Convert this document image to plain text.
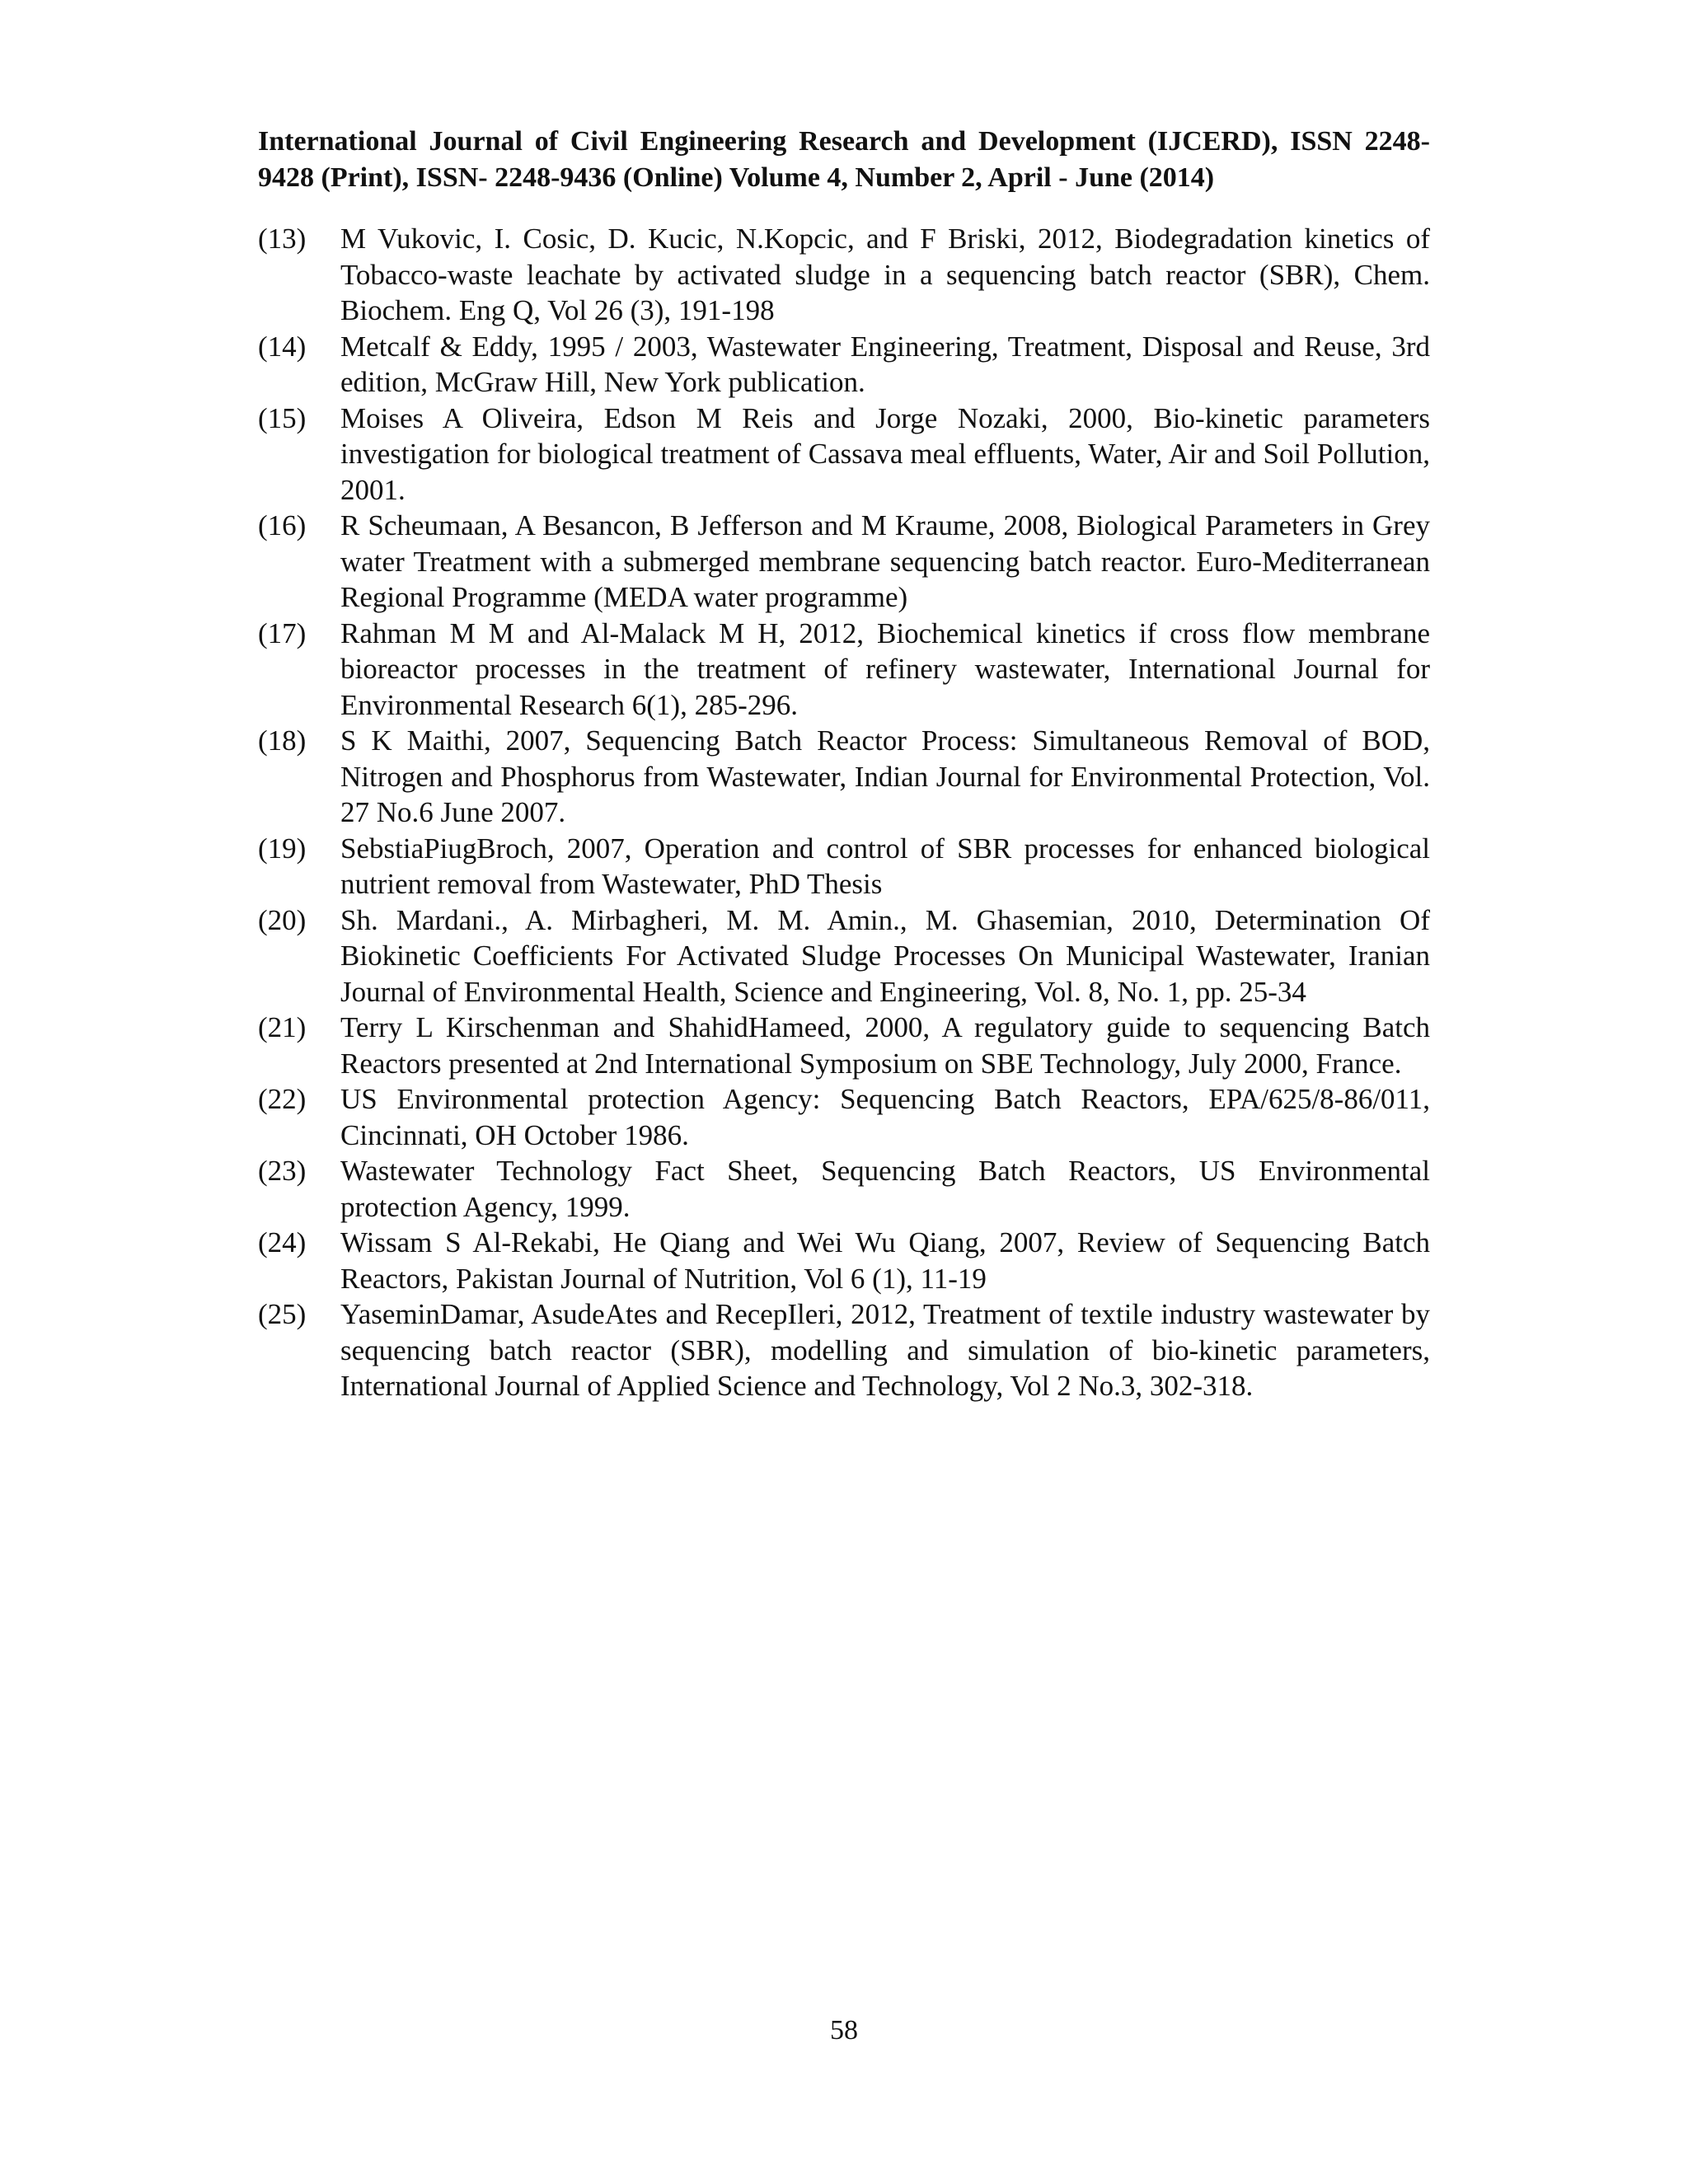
International Journal of Civil Engineering Research and Development (IJCERD), ISSN 2248-9428 (Print), ISSN- 2248-9436 (Online) Volume 4, Number 2, April - June (2014)
(13)	M Vukovic, I. Cosic, D. Kucic, N.Kopcic, and F Briski, 2012, Biodegradation kinetics of Tobacco-waste leachate by activated sludge in a sequencing batch reactor (SBR), Chem. Biochem. Eng Q, Vol 26 (3), 191-198
(14)	Metcalf & Eddy, 1995 / 2003, Wastewater Engineering, Treatment, Disposal and Reuse, 3rd edition, McGraw Hill, New York publication.
(15)	Moises A Oliveira, Edson M Reis and Jorge Nozaki, 2000, Bio-kinetic parameters investigation for biological treatment of Cassava meal effluents, Water, Air and Soil Pollution, 2001.
(16)	R Scheumaan, A Besancon, B Jefferson and M Kraume, 2008, Biological Parameters in Grey water Treatment with a submerged membrane sequencing batch reactor. Euro-Mediterranean Regional Programme (MEDA water programme)
(17)	Rahman M M and Al-Malack M H, 2012, Biochemical kinetics if cross flow membrane bioreactor processes in the treatment of refinery wastewater, International Journal for Environmental Research 6(1), 285-296.
(18)	S K Maithi, 2007, Sequencing Batch Reactor Process: Simultaneous Removal of BOD, Nitrogen and Phosphorus from Wastewater, Indian Journal for Environmental Protection, Vol. 27 No.6 June 2007.
(19)	SebstiaPiugBroch, 2007, Operation and control of SBR processes for enhanced biological nutrient removal from Wastewater, PhD Thesis
(20)	Sh. Mardani., A. Mirbagheri, M. M. Amin., M. Ghasemian, 2010, Determination Of Biokinetic Coefficients For Activated Sludge Processes On Municipal Wastewater, Iranian Journal of Environmental Health, Science and Engineering, Vol. 8, No. 1, pp. 25-34
(21)	Terry L Kirschenman and ShahidHameed, 2000, A regulatory guide to sequencing Batch Reactors presented at 2nd International Symposium on SBE Technology, July 2000, France.
(22)	US Environmental protection Agency: Sequencing Batch Reactors, EPA/625/8-86/011, Cincinnati, OH October 1986.
(23)	Wastewater Technology Fact Sheet, Sequencing Batch Reactors, US Environmental protection Agency, 1999.
(24)	Wissam S Al-Rekabi, He Qiang and Wei Wu Qiang, 2007, Review of Sequencing Batch Reactors, Pakistan Journal of Nutrition, Vol 6 (1), 11-19
(25)	YaseminDamar, AsudeAtes and RecepIleri, 2012, Treatment of textile industry wastewater by sequencing batch reactor (SBR), modelling and simulation of bio-kinetic parameters, International Journal of Applied Science and Technology, Vol 2 No.3, 302-318.
58
